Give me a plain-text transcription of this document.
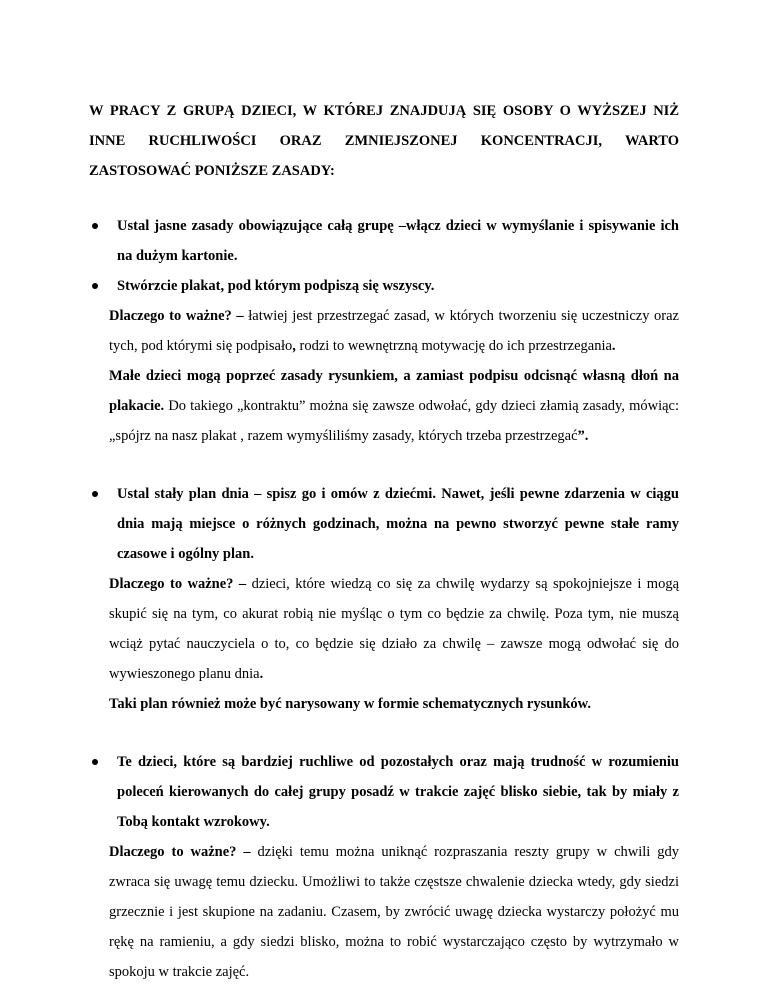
W PRACY Z GRUPĄ DZIECI, W KTÓREJ ZNAJDUJĄ SIĘ OSOBY O WYŻSZEJ NIŻ INNE RUCHLIWOŚCI ORAZ ZMNIEJSZONEJ KONCENTRACJI, WARTO ZASTOSOWAĆ PONIŻSZE ZASADY:

Ustal jasne zasady obowiązujące całą grupę –włącz dzieci w wymyślanie i spisywanie ich na dużym kartonie.
Stwórzcie plakat, pod którym podpiszą się wszyscy.
Dlaczego to ważne? – łatwiej jest przestrzegać zasad, w których tworzeniu się uczestniczy oraz tych, pod którymi się podpisało, rodzi to wewnętrzną motywację do ich przestrzegania.
Małe dzieci mogą poprzeć zasady rysunkiem, a zamiast podpisu odcisnąć własną dłoń na plakacie. Do takiego „kontraktu” można się zawsze odwołać, gdy dzieci złamią zasady, mówiąc: „spójrz na nasz plakat , razem wymyśliliśmy zasady, których trzeba przestrzegać”.
Ustal stały plan dnia – spisz go i omów z dziećmi. Nawet, jeśli pewne zdarzenia w ciągu dnia mają miejsce o różnych godzinach, można na pewno stworzyć pewne stałe ramy czasowe i ogólny plan.
Dlaczego to ważne? – dzieci, które wiedzą co się za chwilę wydarzy są spokojniejsze i mogą skupić się na tym, co akurat robią nie myśląc o tym co będzie za chwilę. Poza tym, nie muszą wciąż pytać nauczyciela o to, co będzie się działo za chwilę – zawsze mogą odwołać się do wywieszonego planu dnia.
Taki plan również może być narysowany w formie schematycznych rysunków.
Te dzieci, które są bardziej ruchliwe od pozostałych oraz mają trudność w rozumieniu poleceń kierowanych do całej grupy posadź w trakcie zajęć blisko siebie, tak by miały z Tobą kontakt wzrokowy.
Dlaczego to ważne? – dzięki temu można uniknąć rozpraszania reszty grupy w chwili gdy zwraca się uwagę temu dziecku. Umożliwi to także częstsze chwalenie dziecka wtedy, gdy siedzi grzecznie i jest skupione na zadaniu. Czasem, by zwrócić uwagę dziecka wystarczy położyć mu rękę na ramieniu, a gdy siedzi blisko, można to robić wystarczająco często by wytrzymało w spokoju w trakcie zajęć.
